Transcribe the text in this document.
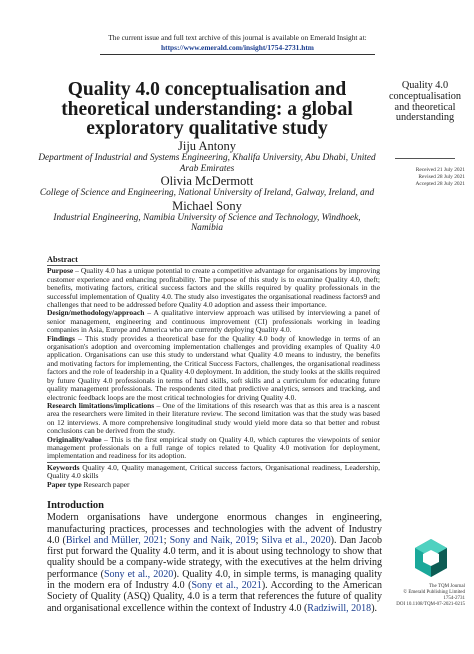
The current issue and full text archive of this journal is available on Emerald Insight at:
https://www.emerald.com/insight/1754-2731.htm
Quality 4.0 conceptualisation and theoretical understanding: a global exploratory qualitative study
Jiju Antony
Department of Industrial and Systems Engineering, Khalifa University, Abu Dhabi, United Arab Emirates
Olivia McDermott
College of Science and Engineering, National University of Ireland, Galway, Ireland, and
Michael Sony
Industrial Engineering, Namibia University of Science and Technology, Windhoek, Namibia
Quality 4.0 conceptualisation and theoretical understanding
Received 21 July 2021
Revised 28 July 2021
Accepted 28 July 2021
Abstract

Purpose – Quality 4.0 has a unique potential to create a competitive advantage for organisations by improving customer experience and enhancing profitability. The purpose of this study is to examine Quality 4.0, theft; benefits, motivating factors, critical success factors and the skills required by quality professionals in the successful implementation of Quality 4.0. The study also investigates the organisational readiness factors9 and challenges that need to be addressed before Quality 4.0 adoption and assess their importance.

Design/methodology/approach – A qualitative interview approach was utilised by interviewing a panel of senior management, engineering and continuous improvement (CI) professionals working in leading companies in Asia, Europe and America who are currently deploying Quality 4.0.

Findings – This study provides a theoretical base for the Quality 4.0 body of knowledge in terms of an organisation's adoption and overcoming implementation challenges and providing examples of Quality 4.0 application. Organisations can use this study to understand what Quality 4.0 means to industry, the benefits and motivating factors for implementing, the Critical Success Factors, challenges, the organisational readiness factors and the role of leadership in a Quality 4.0 deployment. In addition, the study looks at the skills required by future Quality 4.0 professionals in terms of hard skills, soft skills and a curriculum for educating future quality management professionals. The respondents cited that predictive analytics, sensors and tracking, and electronic feedback loops are the most critical technologies for driving Quality 4.0.

Research limitations/implications – One of the limitations of this research was that as this area is a nascent area the researchers were limited in their literature review. The second limitation was that the study was based on 12 interviews. A more comprehensive longitudinal study would yield more data so that better and robust conclusions can be derived from the study.

Originality/value – This is the first empirical study on Quality 4.0, which captures the viewpoints of senior management professionals on a full range of topics related to Quality 4.0 motivation for deployment, implementation and readiness for its adoption.

Keywords Quality 4.0, Quality management, Critical success factors, Organisational readiness, Leadership, Quality 4.0 skills

Paper type Research paper

Introduction

Modern organisations have undergone enormous changes in engineering, manufacturing practices, processes and technologies with the advent of Industry 4.0 (Birkel and Müller, 2021; Sony and Naik, 2019; Silva et al., 2020). Dan Jacob first put forward the Quality 4.0 term, and it is about using technology to show that quality should be a company-wide strategy, with the executives at the helm driving performance (Sony et al., 2020). Quality 4.0, in simple terms, is managing quality in the modern era of Industry 4.0 (Sony et al., 2021). According to the American Society of Quality (ASQ) Quality, 4.0 is a term that references the future of quality and organisational excellence within the context of Industry 4.0 (Radziwill, 2018).

The TQM Journal
© Emerald Publishing Limited
1754-2731
DOI 10.1108/TQM-07-2021-0215
